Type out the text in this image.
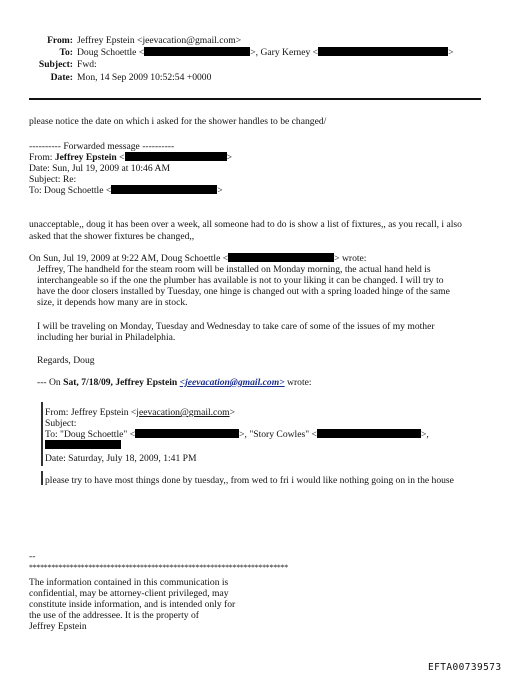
From: Jeffrey Epstein <jeevacation@gmail.com>
To: Doug Schoettle <	>, Gary Kerney <	>
Subject: Fwd:
Date: Mon, 14 Sep 2009 10:52:54 +0000
please notice the date on which i asked for the shower handles to be changed/
---------- Forwarded message ----------
From: Jeffrey Epstein <	>
Date: Sun, Jul 19, 2009 at 10:46 AM
Subject: Re:
To: Doug Schoettle <	>
unacceptable,, doug it has been over a week, all someone had to do is show a list of fixtures,, as you recall, i also
asked that the shower fixtures be changed,,
On Sun, Jul 19, 2009 at 9:22 AM, Doug Schoettle <	> wrote:
Jeffrey, The handheld for the steam room will be installed on Monday morning, the actual hand held is
interchangeable so if the one the plumber has available is not to your liking it can be changed. I will try to
have the door closers installed by Tuesday, one hinge is changed out with a spring loaded hinge of the same
size, it depends how many are in stock.
I will be traveling on Monday, Tuesday and Wednesday to take care of some of the issues of my mother
including her burial in Philadelphia.
Regards, Doug
--- On Sat, 7/18/09, Jeffrey Epstein <jeevacation@gmail.com> wrote:
From: Jeffrey Epstein <jeevacation@gmail.com>
Subject:
To: "Doug Schoettle" <	>, "Story Cowles" <	>,
Date: Saturday, July 18, 2009, 1:41 PM
please try to have most things done by tuesday,, from wed to fri i would like nothing going on in the house
--
**********************************************************************
The information contained in this communication is
confidential, may be attorney-client privileged, may
constitute inside information, and is intended only for
the use of the addressee. It is the property of
Jeffrey Epstein
EFTA00739573
